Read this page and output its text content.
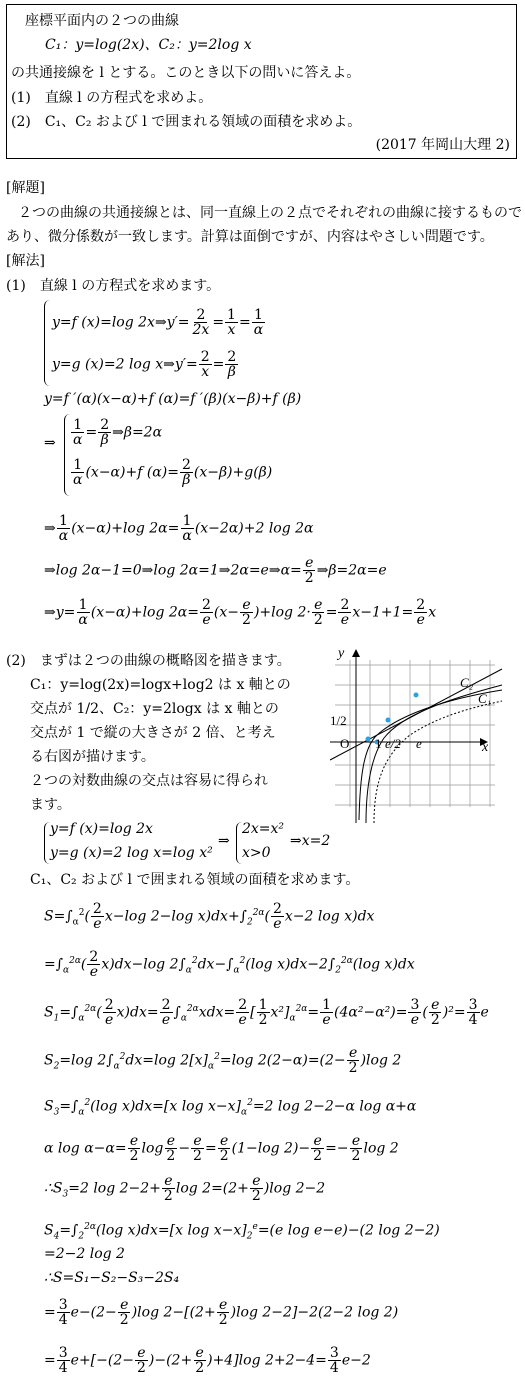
座標平面内の２つの曲線
C₁：y=log(2x)、C₂：y=2log x
の共通接線を l とする。このとき以下の問いに答えよ。
(1)　直線 l の方程式を求めよ。
(2)　C₁、C₂ および l で囲まれる領域の面積を求めよ。
(2017 年岡山大理 2)
[解題]
２つの曲線の共通接線とは、同一直線上の２点でそれぞれの曲線に接するもので
あり、微分係数が一致します。計算は面倒ですが、内容はやさしい問題です。
[解法]
(1)　直線 l の方程式を求めます。
y=f (x)=log 2x⇒y′= $\frac{2}{2x} = \frac{1}{x} = \frac{1}{\alpha}$
y=g (x)=2 log x⇒y′= $\frac{2}{x} = \frac{2}{\beta}$
y=f ′(α)(x−α)+f (α)=f ′(β)(x−β)+f (β)
⇒ $\frac{1}{\alpha} = \frac{2}{\beta}$ ⇒β=2α
$\frac{1}{\alpha} (x-\alpha)+f$ $(\alpha)= \frac{2}{\beta} (x-\beta)+g(\beta)$
⇒ $\frac{1}{\alpha} (x-\alpha)+\log$ $2\alpha= \frac{1}{\alpha} (x-2\alpha)+2$ log 2α
⇒log 2α−1=0⇒log 2α=1⇒2α=e⇒α= $\frac{e}{2}$ ⇒β=2α=e
⇒y= $\frac{1}{\alpha} (x-\alpha)+\log$ $2\alpha= \frac{2}{e} (x- \frac{e}{2} )+\log$ $2\cdot \frac{e}{2} = \frac{2}{e} x-1+1= \frac{2}{e}$ x
(2)　まずは２つの曲線の概略図を描きます。
C₁：y=log(2x)=logx+log2 は x 軸との
交点が 1/2、C₂：y=2logx は x 軸との
交点が 1 で縦の大きさが 2 倍、と考え
る右図が描けます。
２つの対数曲線の交点は容易に得られ
ます。
y
x
O
1/2
1 e/2 e
C₂
C₁
y=f (x)=log 2x
y=g (x)=2 log x=log x²
⇒
2x=x²
x>0
⇒x=2
C₁、C₂ および l で囲まれる領域の面積を求めます。
$S=\int_\alpha^2( \frac{2}{e} x-\log$ 2−log $x)dx+\int_2^{2\alpha}( \frac{2}{e} x-2$ log x)dx
$=\int_\alpha^{2\alpha}( \frac{2}{e} x)dx-\log$ $2\int_\alpha^2dx-\int_\alpha^2(\log$ $x)dx-2\int_2^{2\alpha}(\log$ x)dx
$S_1=\int_\alpha^{2\alpha}( \frac{2}{e} x)dx= \frac{2}{e} \int_\alpha^{2\alpha}xdx= \frac{2}{e}$ [ $\frac{1}{2} x^2]_\alpha^{2\alpha}= \frac{1}{e} (4\alpha^2-\alpha^2)= \frac{3}{e}$ ( $\frac{e}{2} )^2= \frac{3}{4}$ e
$S_2=\log$ $2\int_\alpha^2dx=\log$ $2[x]_\alpha^2=\log$ $2(2-\alpha)=(2- \frac{e}{2} )\log$ 2
$S_3=\int_\alpha^2(\log$ x)dx=[x $\log x-x]_\alpha^2=2$ log 2−2−α log α+α
α $\log \alpha-\alpha= \frac{e}{2}$ $\log \frac{e}{2} - \frac{e}{2} = \frac{e}{2} (1-\log$ $2)- \frac{e}{2} =- \frac{e}{2}$ log 2
$\therefore S_3=2$ $\log 2-2+ \frac{e}{2}$ $\log 2=(2+ \frac{e}{2} )\log$ 2−2
$S_4=\int_2^{2\alpha}(\log$ x)dx=[x $\log x-x]_2^e=(e$ log e−e)−(2 log 2−2)
=2−2 log 2
∴S=S₁−S₂−S₃−2S₄
= $\frac{3}{4} e-(2- \frac{e}{2} )\log$ $2-[(2+ \frac{e}{2} )\log$ 2−2]−2(2−2 log 2)
= $\frac{3}{4} e+[-(2- \frac{e}{2} )-(2+ \frac{e}{2} )+4]\log$ $2+2-4= \frac{3}{4} e-2$
